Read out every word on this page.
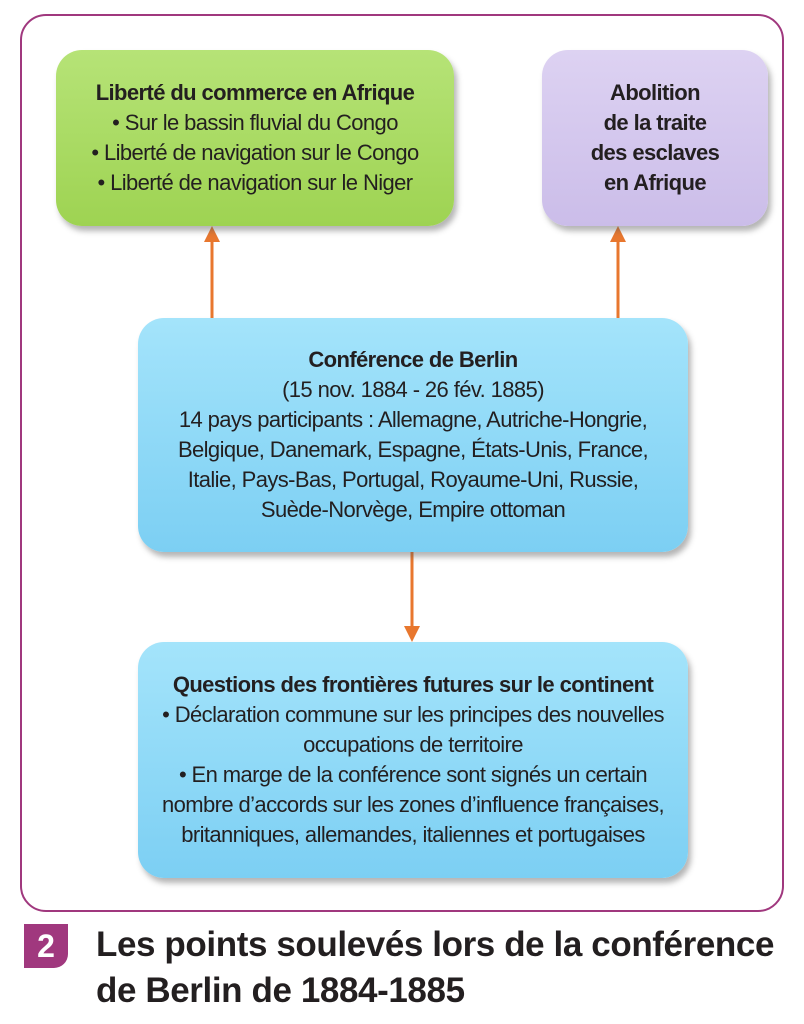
Liberté du commerce en Afrique
• Sur le bassin fluvial du Congo
• Liberté de navigation sur le Congo
• Liberté de navigation sur le Niger
Abolition
de la traite
des esclaves
en Afrique
Conférence de Berlin
(15 nov. 1884 - 26 fév. 1885)
14 pays participants : Allemagne, Autriche-Hongrie,
Belgique, Danemark, Espagne, États-Unis, France,
Italie, Pays-Bas, Portugal, Royaume-Uni, Russie,
Suède-Norvège, Empire ottoman
Questions des frontières futures sur le continent
• Déclaration commune sur les principes des nouvelles
occupations de territoire
• En marge de la conférence sont signés un certain
nombre d’accords sur les zones d’influence françaises,
britanniques, allemandes, italiennes et portugaises
2	Les points soulevés lors de la conférence
de Berlin de 1884-1885
